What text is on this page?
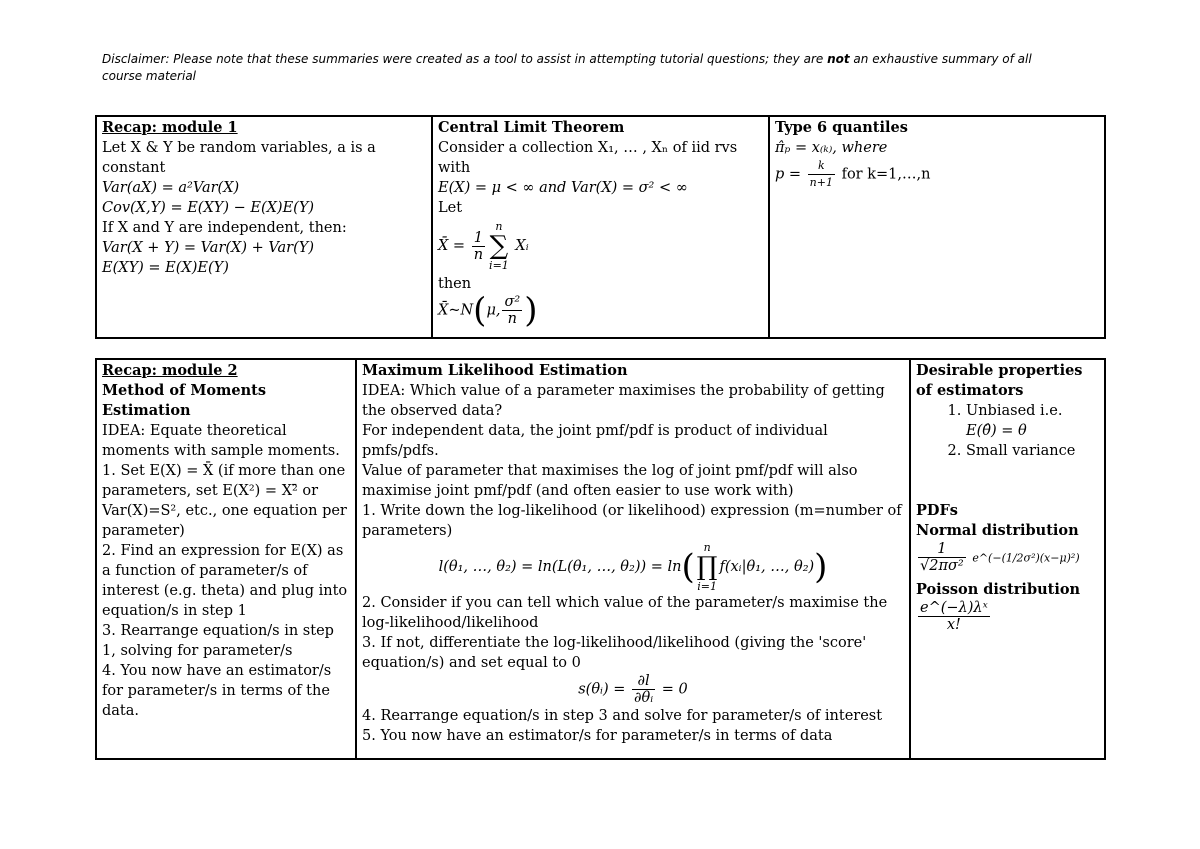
Disclaimer: Please note that these summaries were created as a tool to assist in attempting tutorial questions; they are not an exhaustive summary of all course material
Recap: module 1
Let X & Y be random variables, a is a constant
Var(aX) = a²Var(X)
Cov(X,Y) = E(XY) − E(X)E(Y)
If X and Y are independent, then:
Var(X + Y) = Var(X) + Var(Y)
E(XY) = E(X)E(Y)

Central Limit Theorem
Consider a collection X₁, … , Xₙ of iid rvs with
E(X) = μ < ∞ and Var(X) = σ² < ∞
Let
X̄ = $\frac{1}{n}$
n
∑
i=1
Xᵢ
then
X̄~N(μ, $\frac{\text{σ²}}{n}$ )

Type 6 quantiles
π̂ₚ = x₍ₖ₎, where
$p = \frac{k}{n+1}$ for k=1,…,n
Recap: module 2
Method of Moments Estimation
IDEA: Equate theoretical moments with sample moments.
1. Set E(X) = X̄ (if more than one parameters, set E(X²) = X²̄ or Var(X)=S², etc., one equation per parameter)
2. Find an expression for E(X) as a function of parameter/s of interest (e.g. theta) and plug into equation/s in step 1
3. Rearrange equation/s in step 1, solving for parameter/s
4. You now have an estimator/s for parameter/s in terms of the data.

Maximum Likelihood Estimation
IDEA: Which value of a parameter maximises the probability of getting the observed data?
For independent data, the joint pmf/pdf is product of individual pmfs/pdfs.
Value of parameter that maximises the log of joint pmf/pdf will also maximise joint pmf/pdf (and often easier to use work with)
1. Write down the log-likelihood (or likelihood) expression (m=number of parameters)
l(θ₁, …, θ₂) = ln(L(θ₁, …, θ₂)) = ln( n
∏
i=1
f(xᵢ|θ₁, …, θ₂))
2. Consider if you can tell which value of the parameter/s maximise the log-likelihood/likelihood
3. If not, differentiate the log-likelihood/likelihood (giving the 'score' equation/s) and set equal to 0
s(θᵢ) = $\frac{\partial l}{\text{∂θᵢ}} = 0$
4. Rearrange equation/s in step 3 and solve for parameter/s of interest
5. You now have an estimator/s for parameter/s in terms of data

Desirable properties of estimators
1. Unbiased i.e.
E(θ̂) = θ
2. Small variance
PDFs
Normal distribution
$\frac{1}{\text{√2πσ²}}$ e^(−(1/2σ²)(x−μ)²)
Poisson distribution
$\frac{\text{e\textasciicircum{}(−λ)λˣ}}{x!}$
